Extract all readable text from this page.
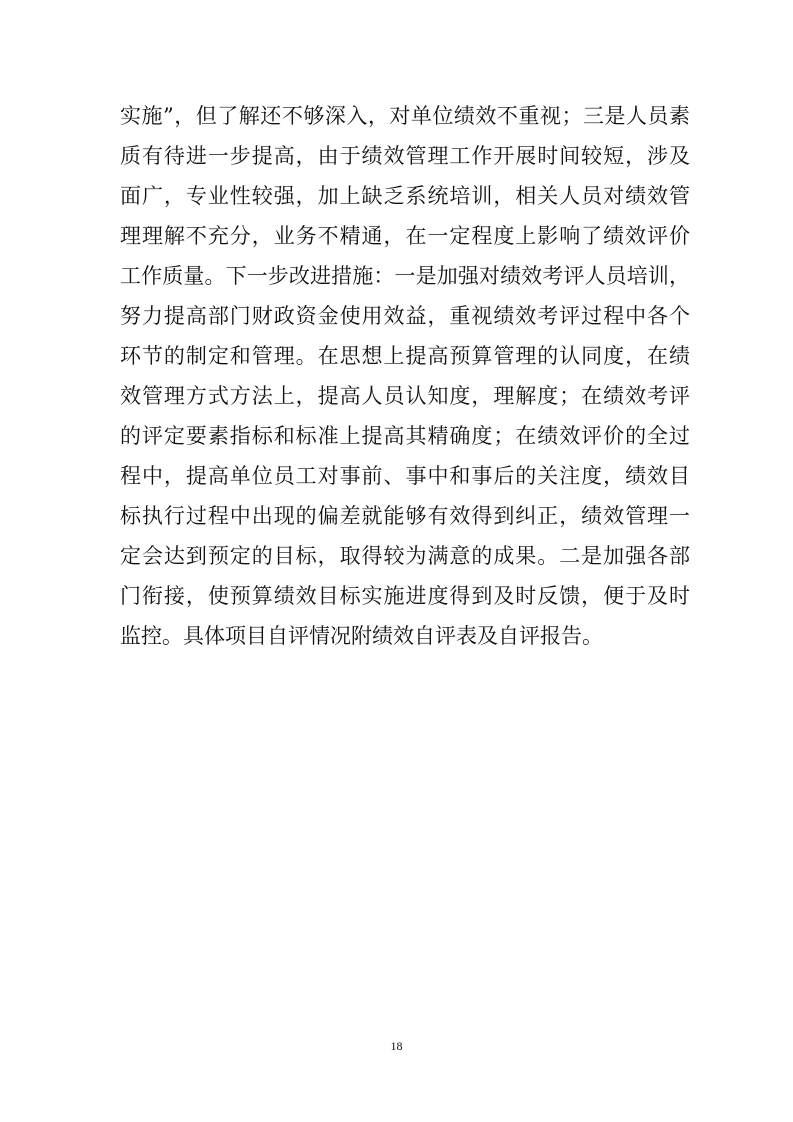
实施”，但了解还不够深入，对单位绩效不重视；三是人员素
质有待进一步提高，由于绩效管理工作开展时间较短，涉及
面广，专业性较强，加上缺乏系统培训，相关人员对绩效管
理理解不充分，业务不精通，在一定程度上影响了绩效评价
工作质量。下一步改进措施：一是加强对绩效考评人员培训，
努力提高部门财政资金使用效益，重视绩效考评过程中各个
环节的制定和管理。在思想上提高预算管理的认同度，在绩
效管理方式方法上，提高人员认知度，理解度；在绩效考评
的评定要素指标和标准上提高其精确度；在绩效评价的全过
程中，提高单位员工对事前、事中和事后的关注度，绩效目
标执行过程中出现的偏差就能够有效得到纠正，绩效管理一
定会达到预定的目标，取得较为满意的成果。二是加强各部
门衔接，使预算绩效目标实施进度得到及时反馈，便于及时
监控。具体项目自评情况附绩效自评表及自评报告。
18
